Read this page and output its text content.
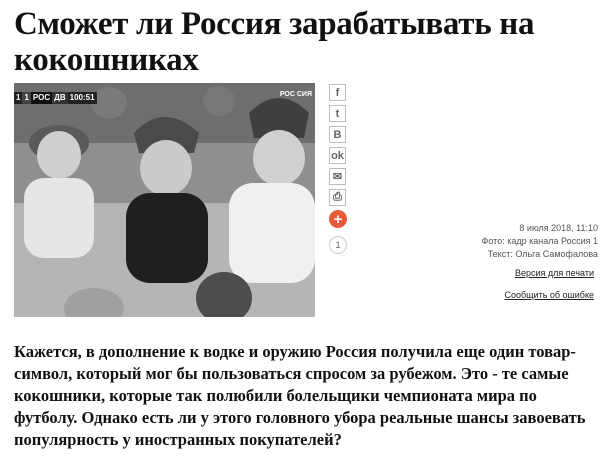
Сможет ли Россия зарабатывать на кокошниках
1 1 РОС ДВ 100:51	РОС СИЯ	f
t
B
ok
✉
⎙
+
1
8 июля 2018, 11:10
Фото: кадр канала Россия 1
Текст: Ольга Самофалова
Версия для печати
Сообщить об ошибке

Кажется, в дополнение к водке и оружию Россия получила еще один товар-символ, который мог бы пользоваться спросом за рубежом. Это - те самые кокошники, которые так полюбили болельщики чемпионата мира по футболу. Однако есть ли у этого головного убора реальные шансы завоевать популярность у иностранных покупателей?
